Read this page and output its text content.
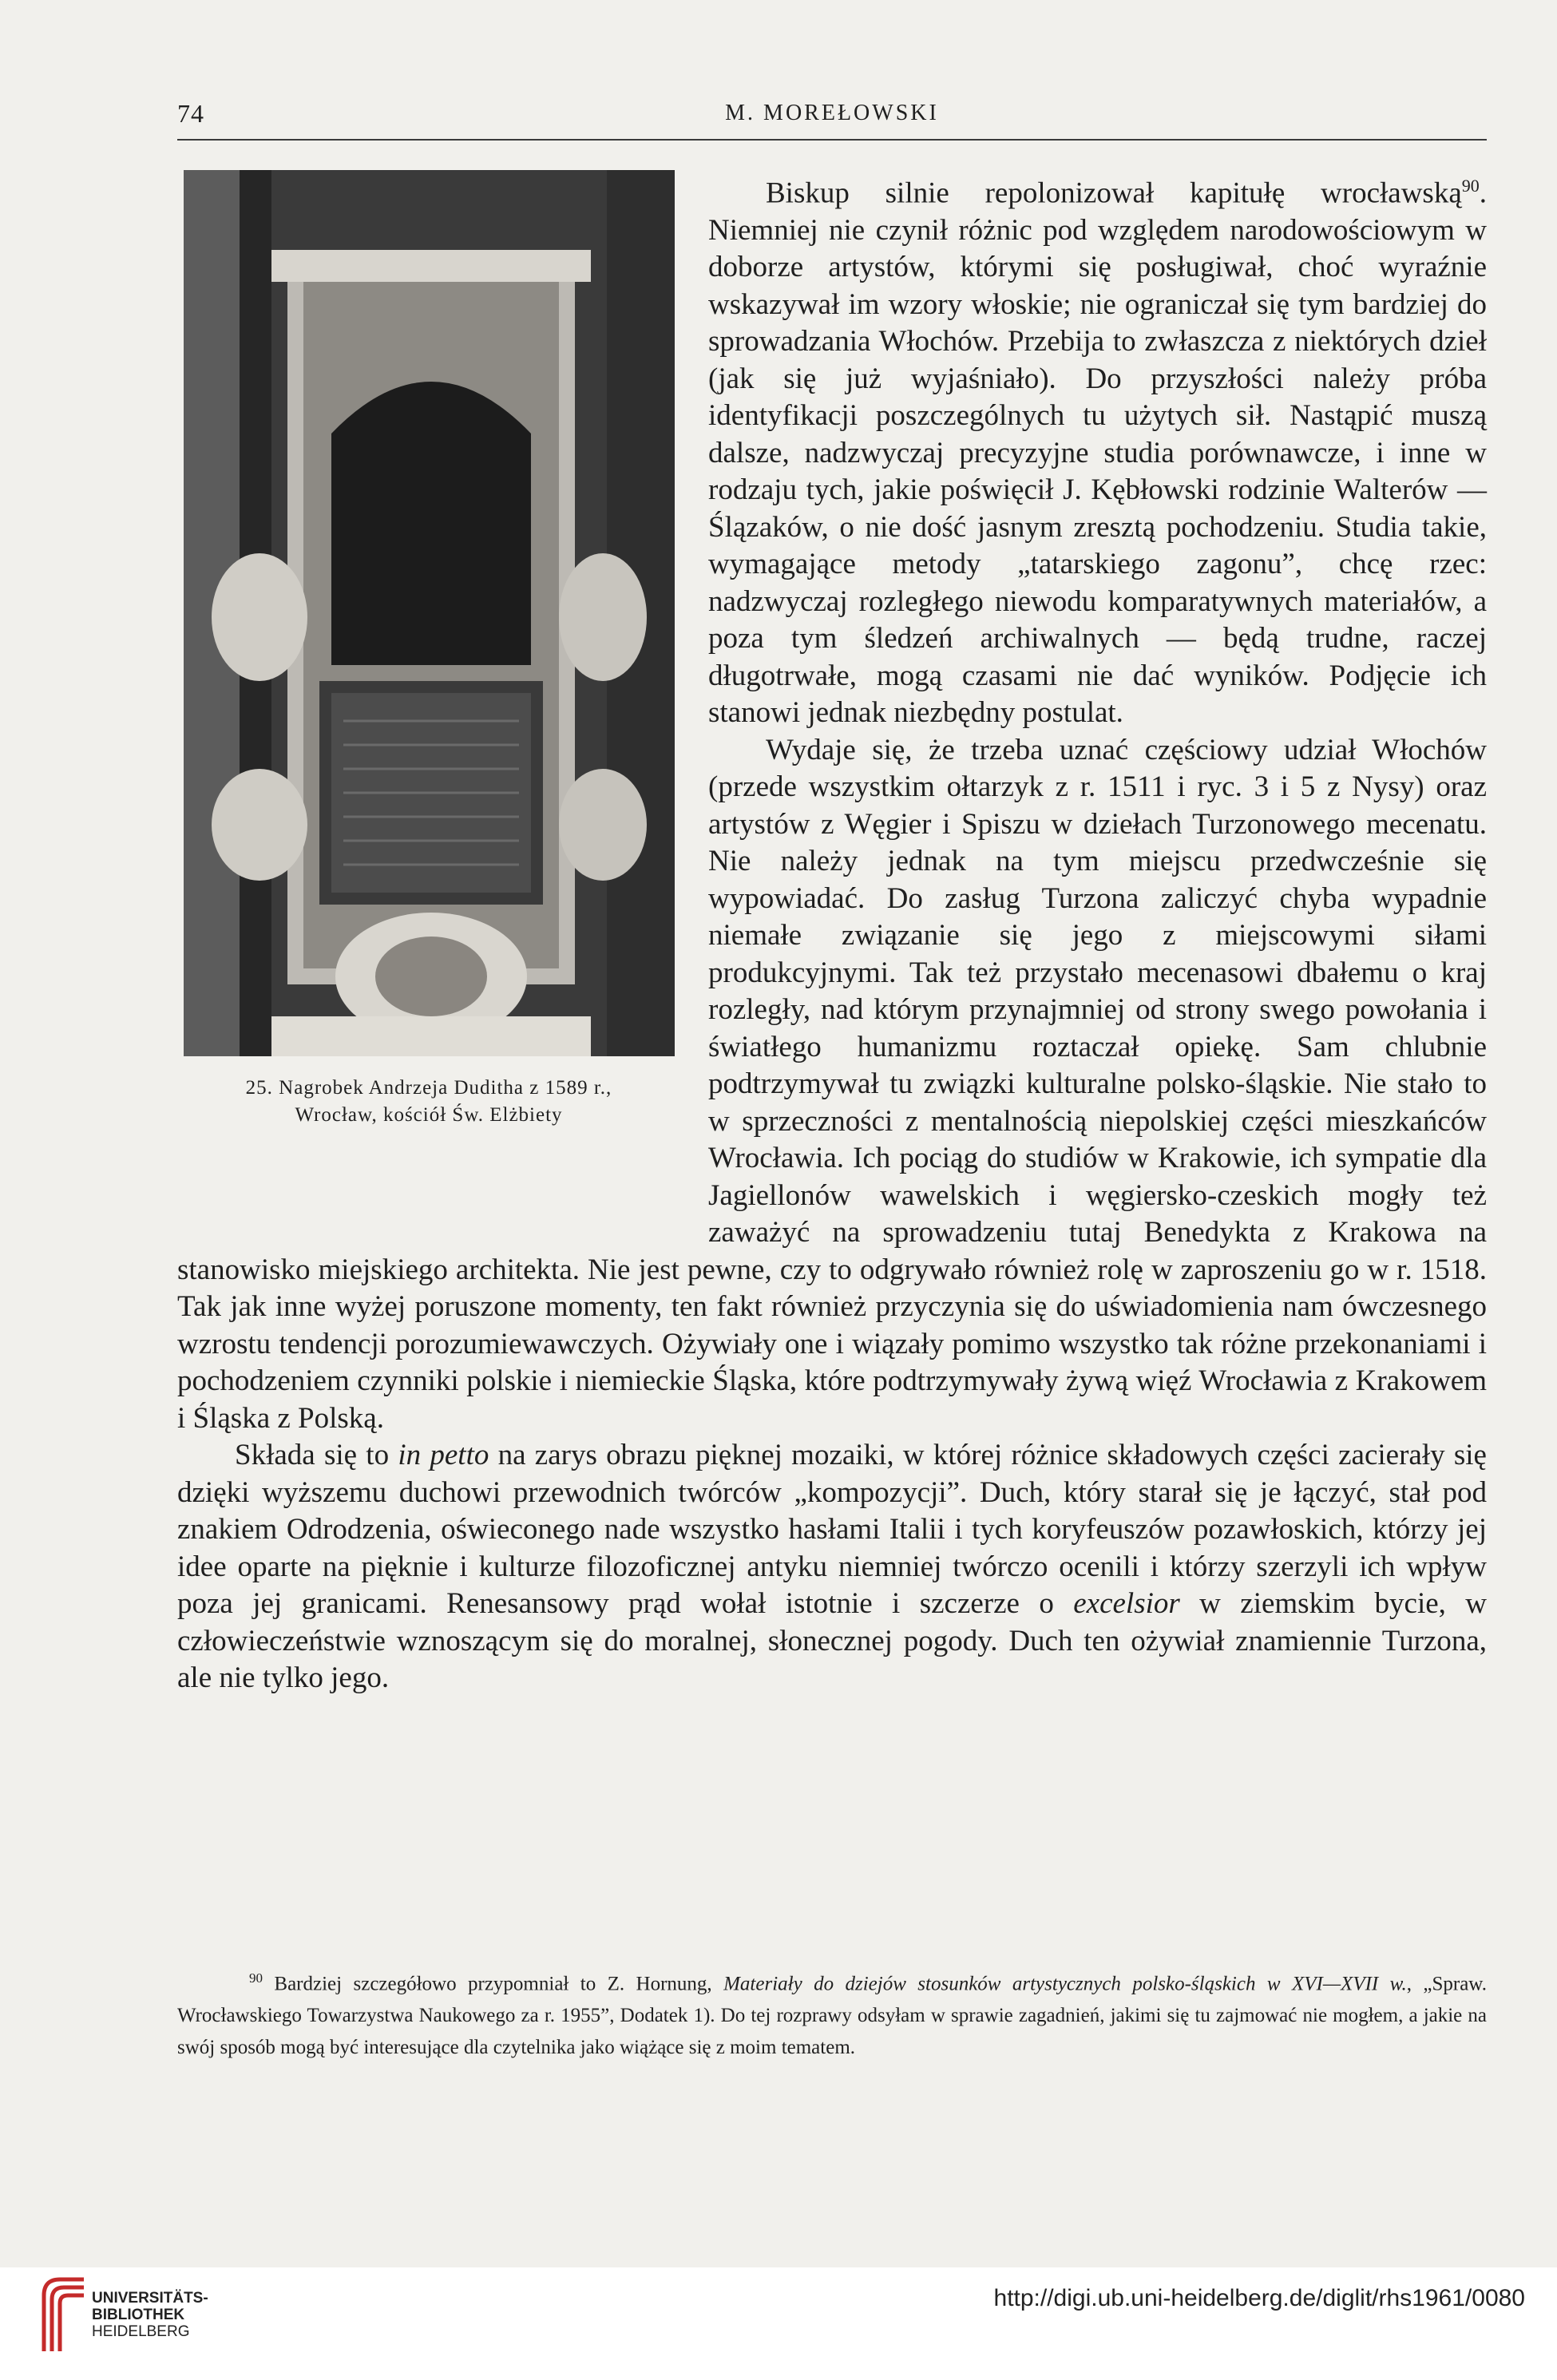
74	M. MOREŁOWSKI

Biskup silnie repolonizował kapitułę wrocławską$^{90}$. Niemniej nie czynił różnic pod względem narodowościowym w doborze artystów, którymi się posługiwał, choć wyraźnie wskazywał im wzory włoskie; nie ograniczał się tym bardziej do sprowadzania Włochów. Przebija to zwłaszcza z niektórych dzieł (jak się już wyjaśniało). Do przyszłości należy próba identyfikacji poszczególnych tu użytych sił. Nastąpić muszą dalsze, nadzwyczaj precyzyjne studia porównawcze, i inne w rodzaju tych, jakie poświęcił J. Kębłowski rodzinie Walterów — Ślązaków, o nie dość jasnym zresztą pochodzeniu. Studia takie, wymagające metody „tatarskiego zagonu”, chcę rzec: nadzwyczaj rozległego niewodu komparatywnych materiałów, a poza tym śledzeń archiwalnych — będą trudne, raczej długotrwałe, mogą czasami nie dać wyników. Podjęcie ich stanowi jednak niezbędny postulat.

Wydaje się, że trzeba uznać częściowy udział Włochów (przede wszystkim ołtarzyk z r. 1511 i ryc. 3 i 5 z Nysy) oraz artystów z Węgier i Spiszu w dziełach Turzonowego mecenatu. Nie należy jednak na tym miejscu przedwcześnie się wypowiadać. Do zasług Turzona zaliczyć chyba wypadnie niemałe związanie się jego z miejscowymi siłami produkcyjnymi. Tak też przystało mecenasowi dbałemu o kraj rozległy, nad którym przynajmniej od strony swego powołania i światłego humanizmu roztaczał opiekę. Sam chlubnie podtrzymywał tu związki kulturalne polsko-śląskie. Nie stało to w sprzeczności z mentalnością niepolskiej części mieszkańców Wrocławia. Ich pociąg do studiów w Krakowie, ich sympatie dla Jagiellonów wawelskich i węgiersko-czeskich mogły też zaważyć na sprowadzeniu tutaj Benedykta z Krakowa na stanowisko miejskiego architekta. Nie jest pewne, czy to odgrywało również rolę w zaproszeniu go w r. 1518. Tak jak inne wyżej poruszone momenty, ten fakt również przyczynia się do uświadomienia nam ówczesnego wzrostu tendencji porozumiewawczych. Ożywiały one i wiązały pomimo wszystko tak różne przekonaniami i pochodzeniem czynniki polskie i niemieckie Śląska, które podtrzymywały żywą więź Wrocławia z Krakowem i Śląska z Polską.

Składa się to in petto na zarys obrazu pięknej mozaiki, w której różnice składowych części zacierały się dzięki wyższemu duchowi przewodnich twórców „kompozycji”. Duch, który starał się je łączyć, stał pod znakiem Odrodzenia, oświeconego nade wszystko hasłami Italii i tych koryfeuszów pozawłoskich, którzy jej idee oparte na pięknie i kulturze filozoficznej antyku niemniej twórczo ocenili i którzy szerzyli ich wpływ poza jej granicami. Renesansowy prąd wołał istotnie i szczerze o excelsior w ziemskim bycie, w człowieczeństwie wznoszącym się do moralnej, słonecznej pogody. Duch ten ożywiał znamiennie Turzona, ale nie tylko jego.

25. Nagrobek Andrzeja Duditha z 1589 r.,
Wrocław, kościół Św. Elżbiety
$^{90}$ Bardziej szczegółowo przypomniał to Z. Hornung, Materiały do dziejów stosunków artystycznych polsko-śląskich w XVI—XVII w., „Spraw. Wrocławskiego Towarzystwa Naukowego za r. 1955”, Dodatek 1). Do tej rozprawy odsyłam w sprawie zagadnień, jakimi się tu zajmować nie mogłem, a jakie na swój sposób mogą być interesujące dla czytelnika jako wiążące się z moim tematem.
UNIVERSITÄTS-
BIBLIOTHEK
HEIDELBERG
http://digi.ub.uni-heidelberg.de/diglit/rhs1961/0080
